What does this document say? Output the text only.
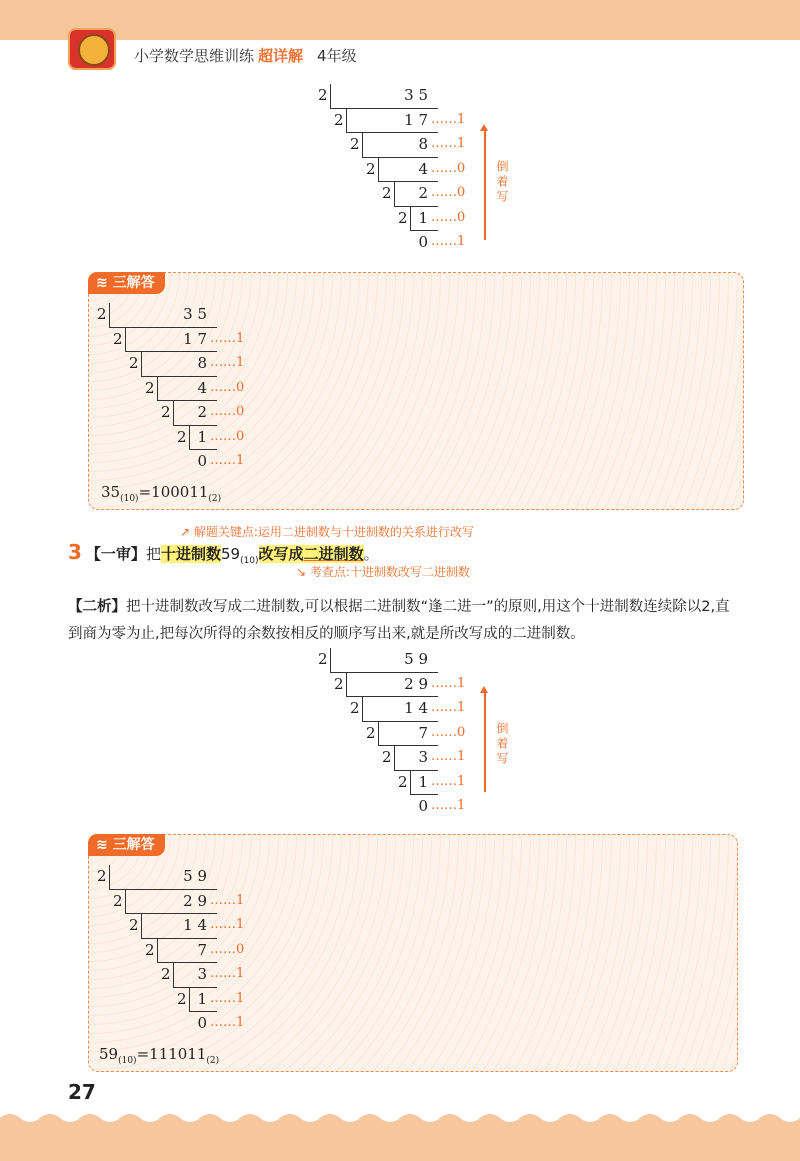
小学数学思维训练 超详解 4年级
2	3 5
2	1 7 ……1
2	8 ……1
2	4 ……0
2	2 ……0
2 1 ……0
0 ……1
倒着写
≋ 三解答
2	3 5
2	1 7 ……1
2	8 ……1
2	4 ……0
2	2 ……0
2 1 ……0
0 ……1
$35_{(10)}=100011_{(2)}$
↗ 解题关键点:运用二进制数与十进制数的关系进行改写
3 【一审】把十进制数$59_{(10)}$改写成二进制数。
↘ 考查点:十进制数改写二进制数
【二析】把十进制数改写成二进制数,可以根据二进制数“逢二进一”的原则,用这个十进制数连续除以2,直到商为零为止,把每次所得的余数按相反的顺序写出来,就是所改写成的二进制数。
2	5 9
2	2 9 ……1
2	1 4 ……1
2	7 ……0
2	3 ……1
2 1 ……1
0 ……1
倒着写
≋ 三解答
2	5 9
2	2 9 ……1
2	1 4 ……1
2	7 ……0
2	3 ……1
2 1 ……1
0 ……1
$59_{(10)}=111011_{(2)}$
27
